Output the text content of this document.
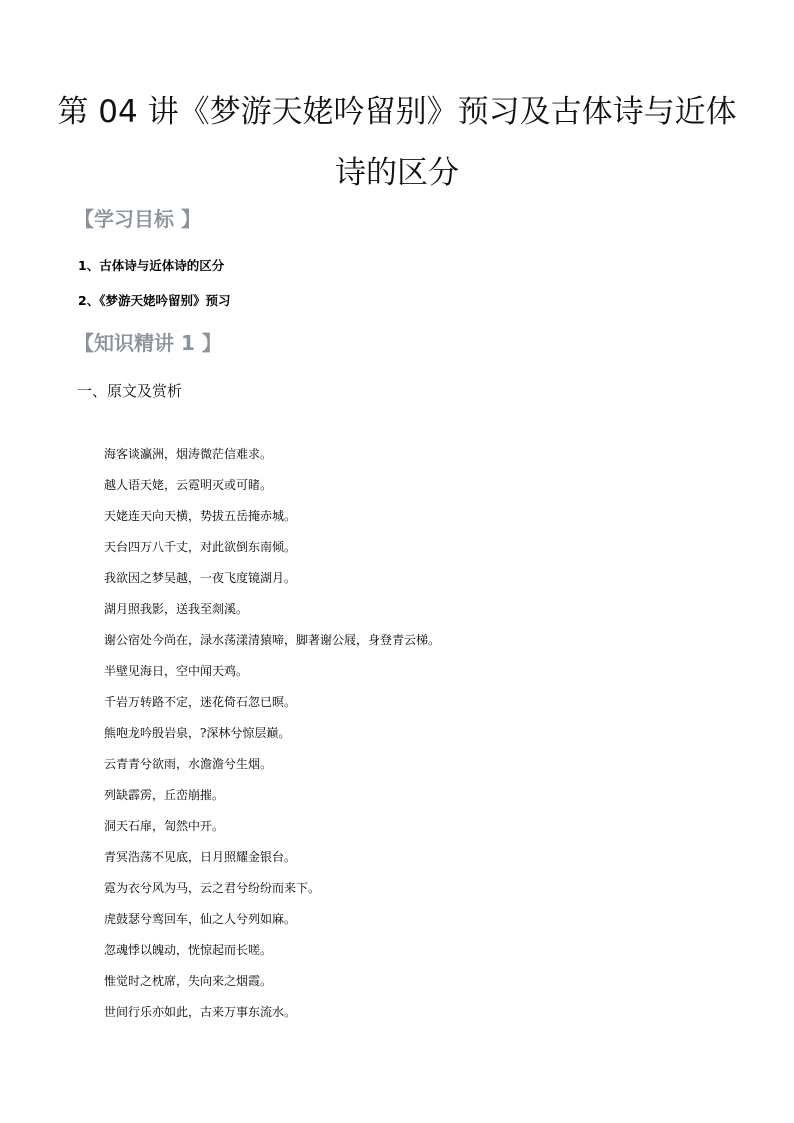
第 04 讲《梦游天姥吟留别》预习及古体诗与近体
诗的区分
【学习目标 】
1、古体诗与近体诗的区分
2、《梦游天姥吟留别》预习
【知识精讲 1 】
一、原文及赏析
海客谈瀛洲，烟涛微茫信难求。
越人语天姥，云霓明灭或可睹。
天姥连天向天横，势拔五岳掩赤城。
天台四万八千丈，对此欲倒东南倾。
我欲因之梦吴越，一夜飞度镜湖月。
湖月照我影，送我至剡溪。
谢公宿处今尚在，渌水荡漾清猿啼，脚著谢公屐，身登青云梯。
半壁见海日，空中闻天鸡。
千岩万转路不定，迷花倚石忽已暝。
熊咆龙吟殷岩泉，?深林兮惊层巅。
云青青兮欲雨，水澹澹兮生烟。
列缺霹雳，丘峦崩摧。
洞天石扉，訇然中开。
青冥浩荡不见底，日月照耀金银台。
霓为衣兮风为马，云之君兮纷纷而来下。
虎鼓瑟兮鸾回车，仙之人兮列如麻。
忽魂悸以魄动，恍惊起而长嗟。
惟觉时之枕席，失向来之烟霞。
世间行乐亦如此，古来万事东流水。
